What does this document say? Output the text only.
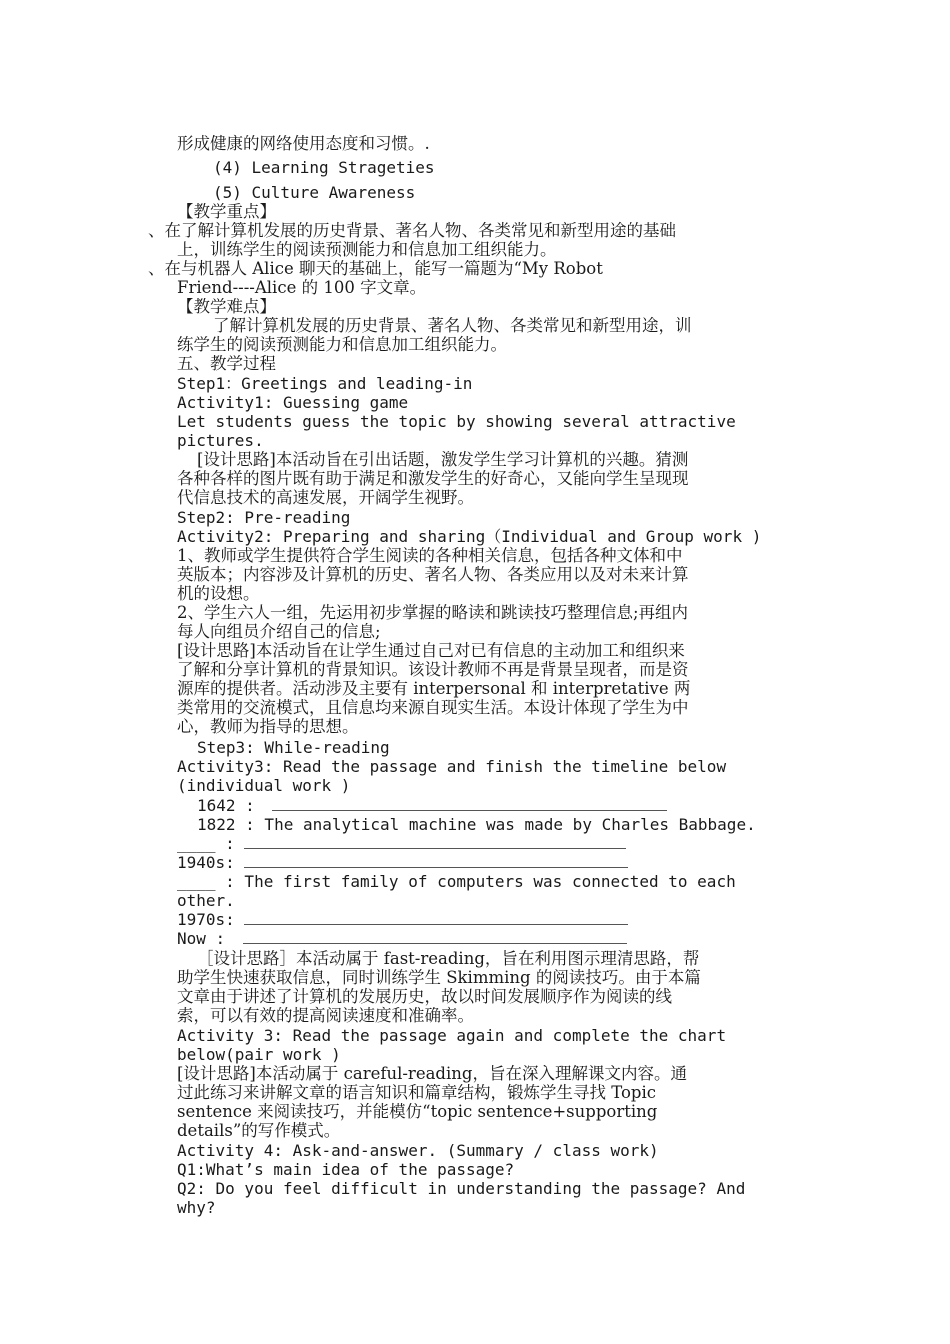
形成健康的网络使用态度和习惯。.
(4) Learning Strageties
(5) Culture Awareness
【教学重点】
、在了解计算机发展的历史背景、著名人物、各类常见和新型用途的基础
上，训练学生的阅读预测能力和信息加工组织能力。
、在与机器人 Alice 聊天的基础上，能写一篇题为“My Robot
Friend----Alice 的 100 字文章。
【教学难点】
了解计算机发展的历史背景、著名人物、各类常见和新型用途，训
练学生的阅读预测能力和信息加工组织能力。
五、教学过程
Step1：Greetings and leading-in
Activity1: Guessing game
Let students guess the topic by showing several attractive
pictures.
[设计思路]本活动旨在引出话题，激发学生学习计算机的兴趣。猜测
各种各样的图片既有助于满足和激发学生的好奇心，又能向学生呈现现
代信息技术的高速发展，开阔学生视野。
Step2: Pre-reading
Activity2: Preparing and sharing（Individual and Group work )
1、教师或学生提供符合学生阅读的各种相关信息，包括各种文体和中
英版本；内容涉及计算机的历史、著名人物、各类应用以及对未来计算
机的设想。
2、学生六人一组，先运用初步掌握的略读和跳读技巧整理信息;再组内
每人向组员介绍自己的信息;
[设计思路]本活动旨在让学生通过自己对已有信息的主动加工和组织来
了解和分享计算机的背景知识。该设计教师不再是背景呈现者，而是资
源库的提供者。活动涉及主要有 interpersonal 和 interpretative 两
类常用的交流模式，且信息均来源自现实生活。本设计体现了学生为中
心，教师为指导的思想。
Step3: While-reading
Activity3: Read the passage and finish the timeline below
(individual work )
1642 :
1822 : The analytical machine was made by Charles Babbage.
____ :
1940s:
____ : The first family of computers was connected to each
other.
1970s:
Now :
［设计思路］本活动属于 fast-reading，旨在利用图示理清思路，帮
助学生快速获取信息，同时训练学生 Skimming 的阅读技巧。由于本篇
文章由于讲述了计算机的发展历史，故以时间发展顺序作为阅读的线
索，可以有效的提高阅读速度和准确率。
Activity 3: Read the passage again and complete the chart
below(pair work )
[设计思路]本活动属于 careful-reading，旨在深入理解课文内容。通
过此练习来讲解文章的语言知识和篇章结构，锻炼学生寻找 Topic
sentence 来阅读技巧，并能模仿“topic sentence+supporting
details”的写作模式。
Activity 4: Ask-and-answer. (Summary / class work)
Q1:What’s main idea of the passage?
Q2: Do you feel difficult in understanding the passage? And
why?
